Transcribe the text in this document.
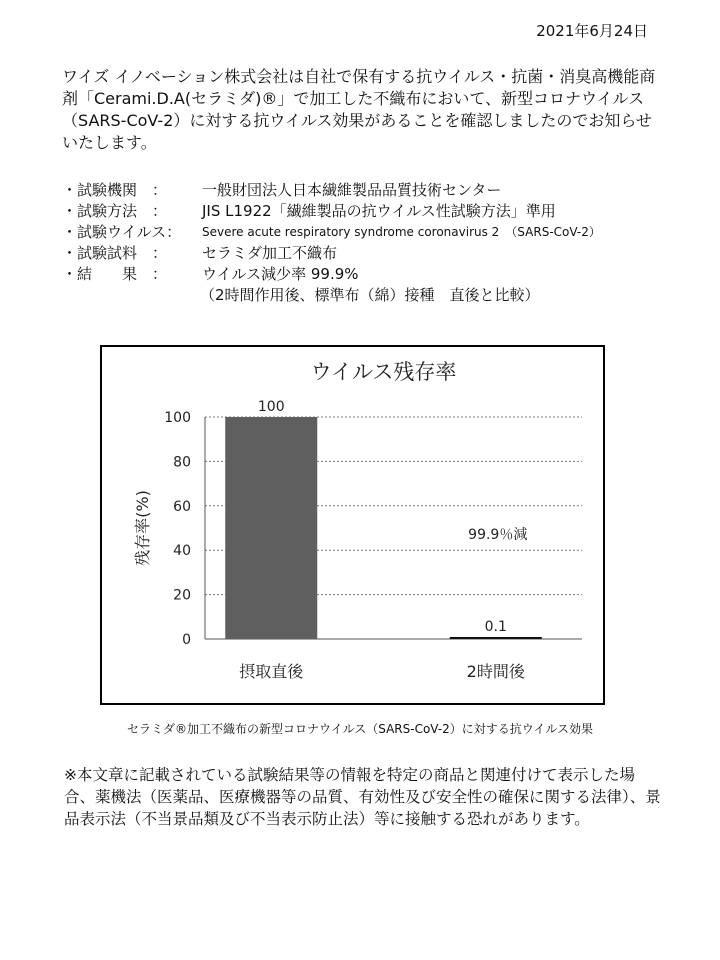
2021年6月24日
ワイズ イノベーション株式会社は自社で保有する抗ウイルス・抗菌・消臭高機能商剤「Cerami.D.A(セラミダ)®」で加工した不織布において、新型コロナウイルス（SARS-CoV-2）に対する抗ウイルス効果があることを確認しましたのでお知らせいたします。
・試験機関　：	一般財団法人日本繊維製品品質技術センター
・試験方法　：	JIS L1922「繊維製品の抗ウイルス性試験方法」準用
・試験ウイルス：	Severe acute respiratory syndrome coronavirus 2　（SARS-CoV-2）
・試験試料　：	セラミダ加工不織布
・結　　果　：	ウイルス減少率 99.9%
（2時間作用後、標準布（綿）接種　直後と比較）
ウイルス残存率
0
20
40
60
80
100
残存率(%)
100
摂取直後
0.1
2時間後
99.9％減
セラミダ®加工不織布の新型コロナウイルス（SARS-CoV-2）に対する抗ウイルス効果
※本文章に記載されている試験結果等の情報を特定の商品と関連付けて表示した場合、薬機法（医薬品、医療機器等の品質、有効性及び安全性の確保に関する法律）、景品表示法（不当景品類及び不当表示防止法）等に接触する恐れがあります。
